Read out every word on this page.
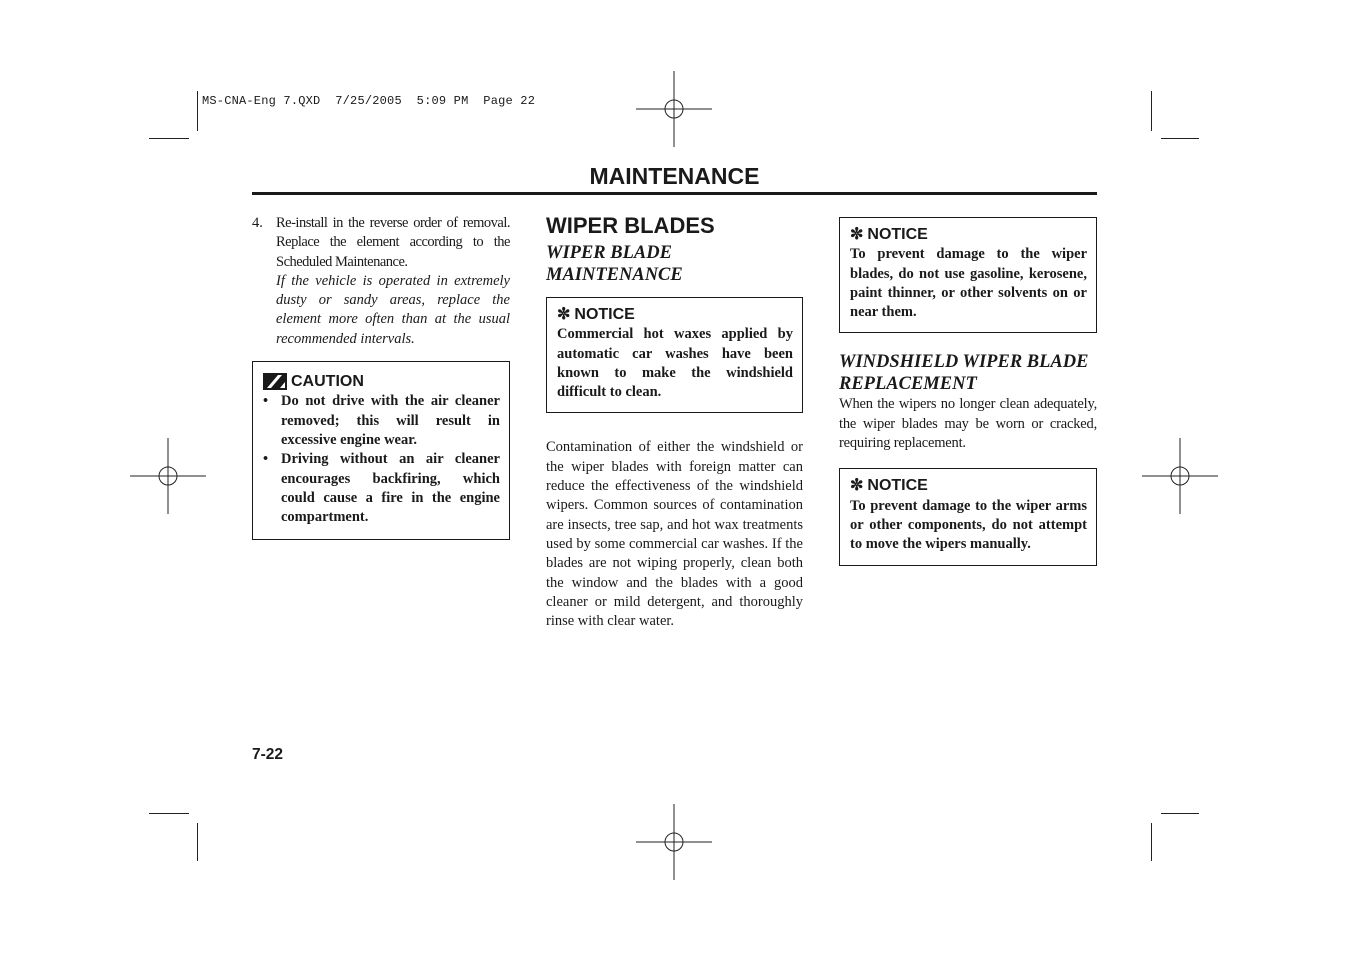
MS-CNA-Eng 7.QXD 7/25/2005 5:09 PM Page 22
MAINTENANCE
4. Re-install in the reverse order of removal. Replace the element according to the Scheduled Maintenance.
If the vehicle is operated in extremely dusty or sandy areas, replace the element more often than at the usual recommended intervals.
CAUTION
• Do not drive with the air cleaner removed; this will result in excessive engine wear.
• Driving without an air cleaner encourages backfiring, which could cause a fire in the engine compartment.
WIPER BLADES
WIPER BLADE MAINTENANCE
✼ NOTICE
Commercial hot waxes applied by automatic car washes have been known to make the windshield difficult to clean.
Contamination of either the windshield or the wiper blades with foreign matter can reduce the effectiveness of the windshield wipers. Common sources of contamination are insects, tree sap, and hot wax treatments used by some commercial car washes. If the blades are not wiping properly, clean both the window and the blades with a good cleaner or mild detergent, and thoroughly rinse with clear water.
✼ NOTICE
To prevent damage to the wiper blades, do not use gasoline, kerosene, paint thinner, or other solvents on or near them.
WINDSHIELD WIPER BLADE REPLACEMENT
When the wipers no longer clean adequately, the wiper blades may be worn or cracked, requiring replacement.
✼ NOTICE
To prevent damage to the wiper arms or other components, do not attempt to move the wipers manually.
7-22
